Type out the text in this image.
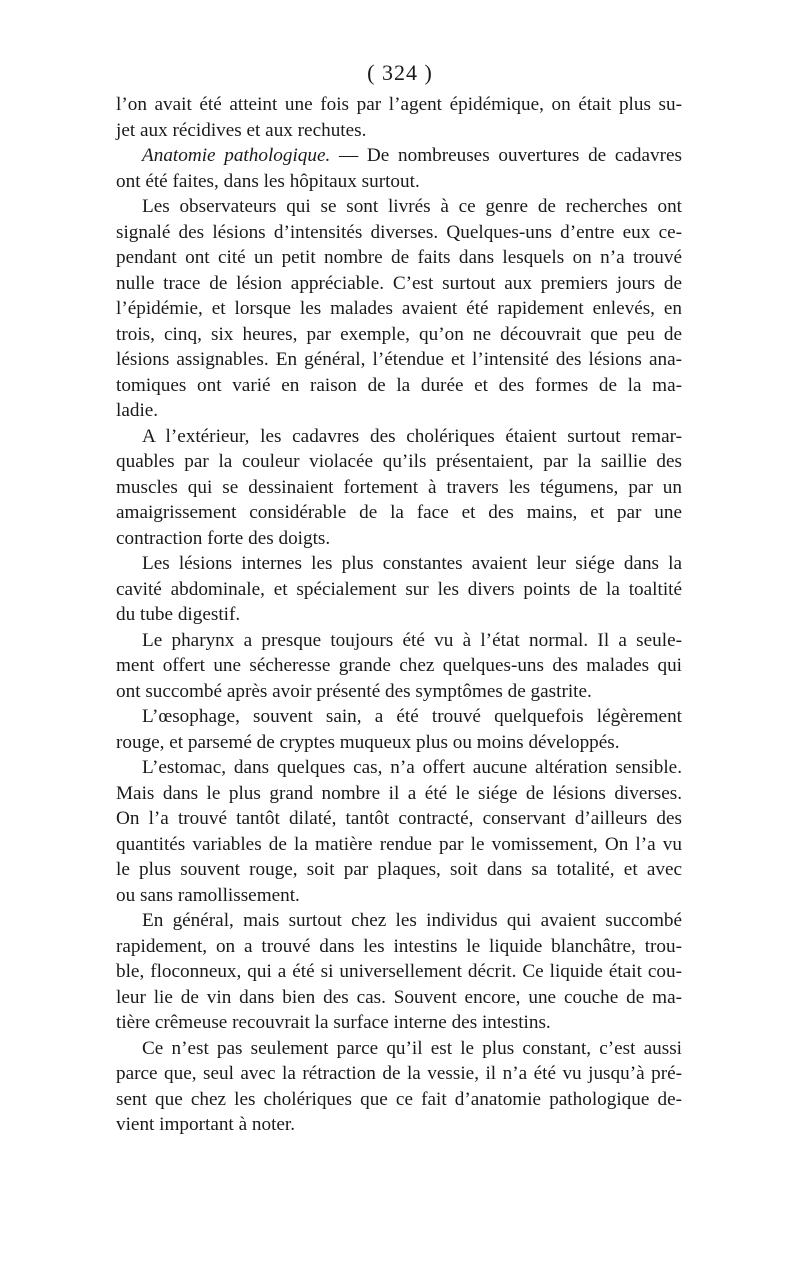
( 324 )
l’on avait été atteint une fois par l’agent épidémique, on était plus su-
jet aux récidives et aux rechutes.
Anatomie pathologique. — De nombreuses ouvertures de cadavres
ont été faites, dans les hôpitaux surtout.
Les observateurs qui se sont livrés à ce genre de recherches ont
signalé des lésions d’intensités diverses. Quelques-uns d’entre eux ce-
pendant ont cité un petit nombre de faits dans lesquels on n’a trouvé
nulle trace de lésion appréciable. C’est surtout aux premiers jours de
l’épidémie, et lorsque les malades avaient été rapidement enlevés, en
trois, cinq, six heures, par exemple, qu’on ne découvrait que peu de
lésions assignables. En général, l’étendue et l’intensité des lésions ana-
tomiques ont varié en raison de la durée et des formes de la ma-
ladie.
A l’extérieur, les cadavres des cholériques étaient surtout remar-
quables par la couleur violacée qu’ils présentaient, par la saillie des
muscles qui se dessinaient fortement à travers les tégumens, par un
amaigrissement considérable de la face et des mains, et par une
contraction forte des doigts.
Les lésions internes les plus constantes avaient leur siége dans la
cavité abdominale, et spécialement sur les divers points de la toaltité
du tube digestif.
Le pharynx a presque toujours été vu à l’état normal. Il a seule-
ment offert une sécheresse grande chez quelques-uns des malades qui
ont succombé après avoir présenté des symptômes de gastrite.
L’œsophage, souvent sain, a été trouvé quelquefois légèrement
rouge, et parsemé de cryptes muqueux plus ou moins développés.
L’estomac, dans quelques cas, n’a offert aucune altération sensible.
Mais dans le plus grand nombre il a été le siége de lésions diverses.
On l’a trouvé tantôt dilaté, tantôt contracté, conservant d’ailleurs des
quantités variables de la matière rendue par le vomissement, On l’a vu
le plus souvent rouge, soit par plaques, soit dans sa totalité, et avec
ou sans ramollissement.
En général, mais surtout chez les individus qui avaient succombé
rapidement, on a trouvé dans les intestins le liquide blanchâtre, trou-
ble, floconneux, qui a été si universellement décrit. Ce liquide était cou-
leur lie de vin dans bien des cas. Souvent encore, une couche de ma-
tière crêmeuse recouvrait la surface interne des intestins.
Ce n’est pas seulement parce qu’il est le plus constant, c’est aussi
parce que, seul avec la rétraction de la vessie, il n’a été vu jusqu’à pré-
sent que chez les cholériques que ce fait d’anatomie pathologique de-
vient important à noter.
